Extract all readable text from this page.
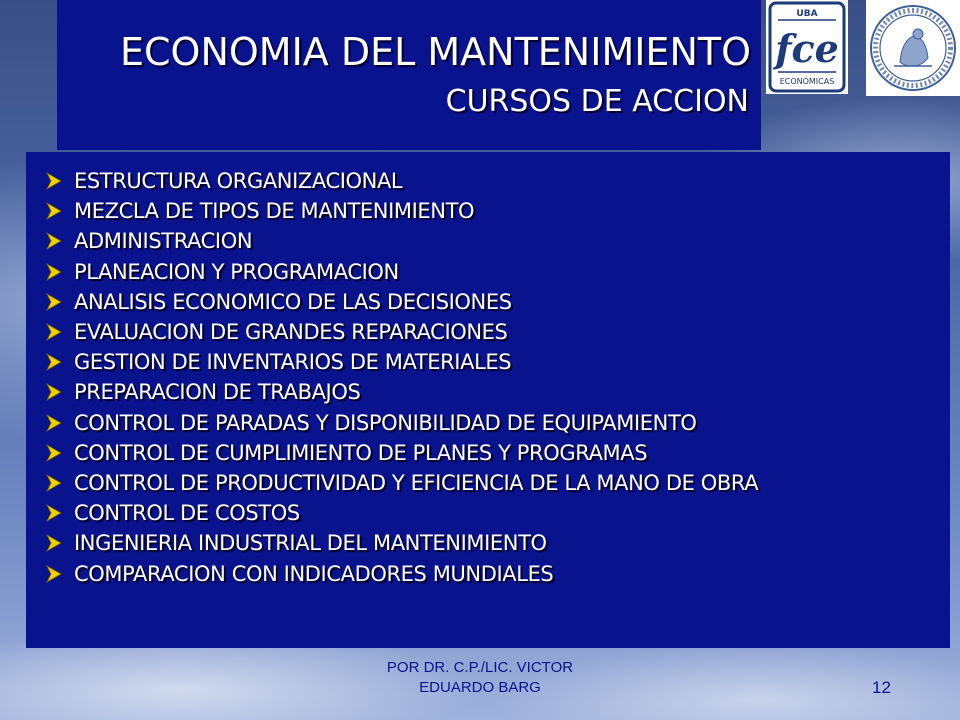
ECONOMIA DEL MANTENIMIENTO
CURSOS DE ACCION
UBA
fce
ECONÓMICAS
ESTRUCTURA ORGANIZACIONAL
MEZCLA DE TIPOS DE MANTENIMIENTO
ADMINISTRACION
PLANEACION Y PROGRAMACION
ANALISIS ECONOMICO DE LAS DECISIONES
EVALUACION DE GRANDES REPARACIONES
GESTION DE INVENTARIOS DE MATERIALES
PREPARACION DE TRABAJOS
CONTROL DE PARADAS Y DISPONIBILIDAD DE EQUIPAMIENTO
CONTROL DE CUMPLIMIENTO DE PLANES Y PROGRAMAS
CONTROL DE PRODUCTIVIDAD Y EFICIENCIA DE LA MANO DE OBRA
CONTROL DE COSTOS
INGENIERIA INDUSTRIAL DEL MANTENIMIENTO
COMPARACION CON INDICADORES MUNDIALES
POR DR. C.P./LIC. VICTOR
EDUARDO BARG	12
